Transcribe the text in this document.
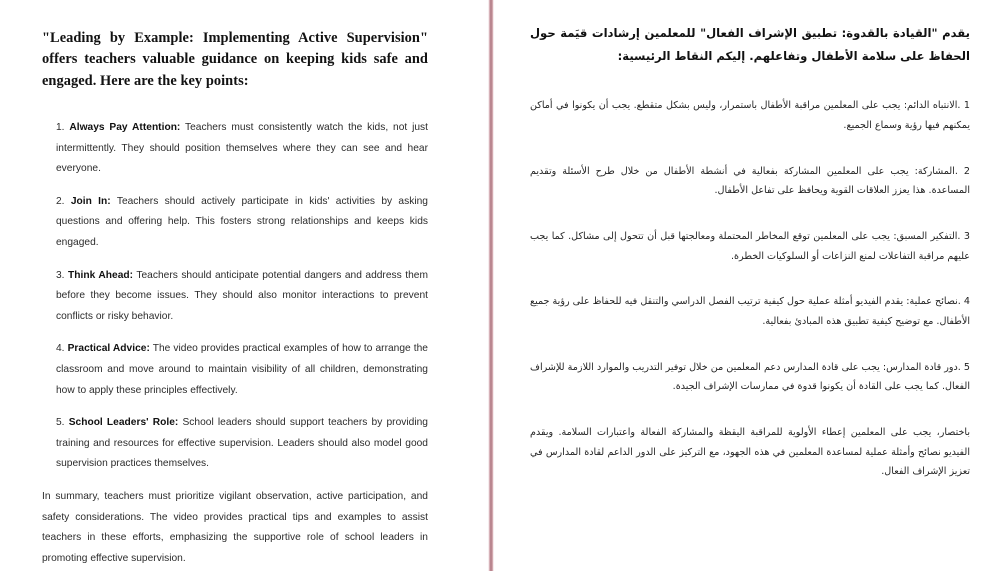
"Leading by Example: Implementing Active Supervision" offers teachers valuable guidance on keeping kids safe and engaged. Here are the key points:

1. Always Pay Attention: Teachers must consistently watch the kids, not just intermittently. They should position themselves where they can see and hear everyone.
2. Join In: Teachers should actively participate in kids' activities by asking questions and offering help. This fosters strong relationships and keeps kids engaged.
3. Think Ahead: Teachers should anticipate potential dangers and address them before they become issues. They should also monitor interactions to prevent conflicts or risky behavior.
4. Practical Advice: The video provides practical examples of how to arrange the classroom and move around to maintain visibility of all children, demonstrating how to apply these principles effectively.
5. School Leaders' Role: School leaders should support teachers by providing training and resources for effective supervision. Leaders should also model good supervision practices themselves.

In summary, teachers must prioritize vigilant observation, active participation, and safety considerations. The video provides practical tips and examples to assist teachers in these efforts, emphasizing the supportive role of school leaders in promoting effective supervision.

يقدم "القيادة بالقدوة: تطبيق الإشراف الفعال" للمعلمين إرشادات قيَمة حول الحفاظ على سلامة الأطفال وتفاعلهم. إليكم النقاط الرئيسية:

1 .الانتباه الدائم: يجب على المعلمين مراقبة الأطفال باستمرار، وليس بشكل متقطع. يجب أن يكونوا في أماكن يمكنهم فيها رؤية وسماع الجميع.
2 .المشاركة: يجب على المعلمين المشاركة بفعالية في أنشطة الأطفال من خلال طرح الأسئلة وتقديم المساعدة. هذا يعزز العلاقات القوية ويحافظ على تفاعل الأطفال.
3 .التفكير المسبق: يجب على المعلمين توقع المخاطر المحتملة ومعالجتها قبل أن تتحول إلى مشاكل. كما يجب عليهم مراقبة التفاعلات لمنع النزاعات أو السلوكيات الخطرة.
4 .نصائح عملية: يقدم الفيديو أمثلة عملية حول كيفية ترتيب الفصل الدراسي والتنقل فيه للحفاظ على رؤية جميع الأطفال. مع توضيح كيفية تطبيق هذه المبادئ بفعالية.
5 .دور قادة المدارس: يجب على قادة المدارس دعم المعلمين من خلال توفير التدريب والموارد اللازمة للإشراف الفعال. كما يجب على القادة أن يكونوا قدوة في ممارسات الإشراف الجيدة.

باختصار، يجب على المعلمين إعطاء الأولوية للمراقبة اليقظة والمشاركة الفعالة واعتبارات السلامة. ويقدم الفيديو نصائح وأمثلة عملية لمساعدة المعلمين في هذه الجهود، مع التركيز على الدور الداعم لقادة المدارس في تعزيز الإشراف الفعال.
